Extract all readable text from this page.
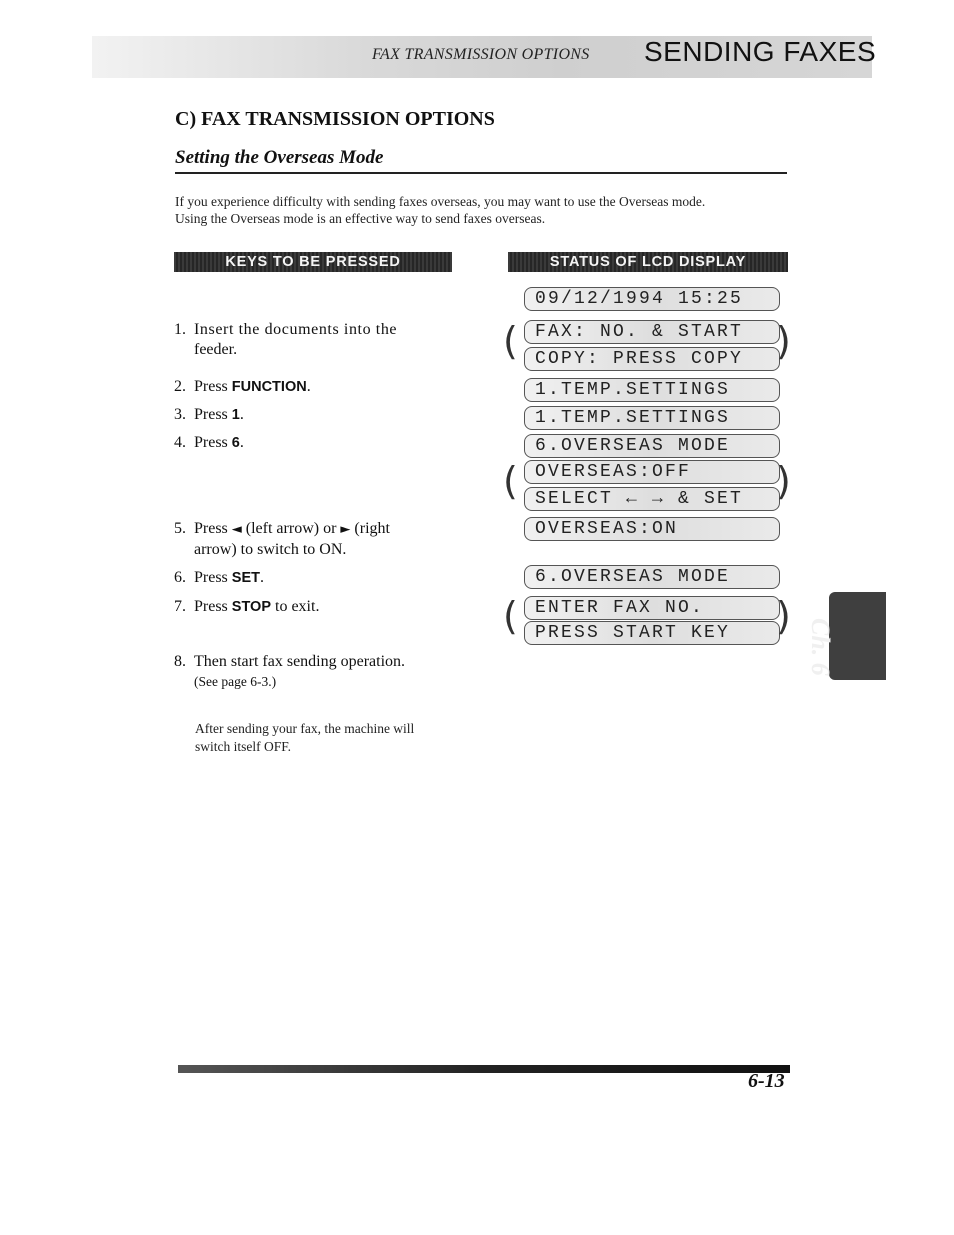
FAX TRANSMISSION OPTIONS SENDING FAXES
C) FAX TRANSMISSION OPTIONS
Setting the Overseas Mode
If you experience difficulty with sending faxes overseas, you may want to use the Overseas mode.
Using the Overseas mode is an effective way to send faxes overseas.
KEYS TO BE PRESSED	STATUS OF LCD DISPLAY
1. Insert the documents into the
feeder.
2. Press FUNCTION.
3. Press 1.
4. Press 6.
5. Press ◄ (left arrow) or ► (right
arrow) to switch to ON.
6. Press SET.
7. Press STOP to exit.
8. Then start fax sending operation.
(See page 6-3.)
After sending your fax, the machine will
switch itself OFF.
09/12/1994 15:25
FAX: NO. & START
COPY: PRESS COPY
1.TEMP.SETTINGS
1.TEMP.SETTINGS
6.OVERSEAS MODE
OVERSEAS:OFF
SELECT ← → & SET
OVERSEAS:ON
6.OVERSEAS MODE
ENTER FAX NO.
PRESS START KEY
(	)
(	)
(	)
Ch. 6
6-13
